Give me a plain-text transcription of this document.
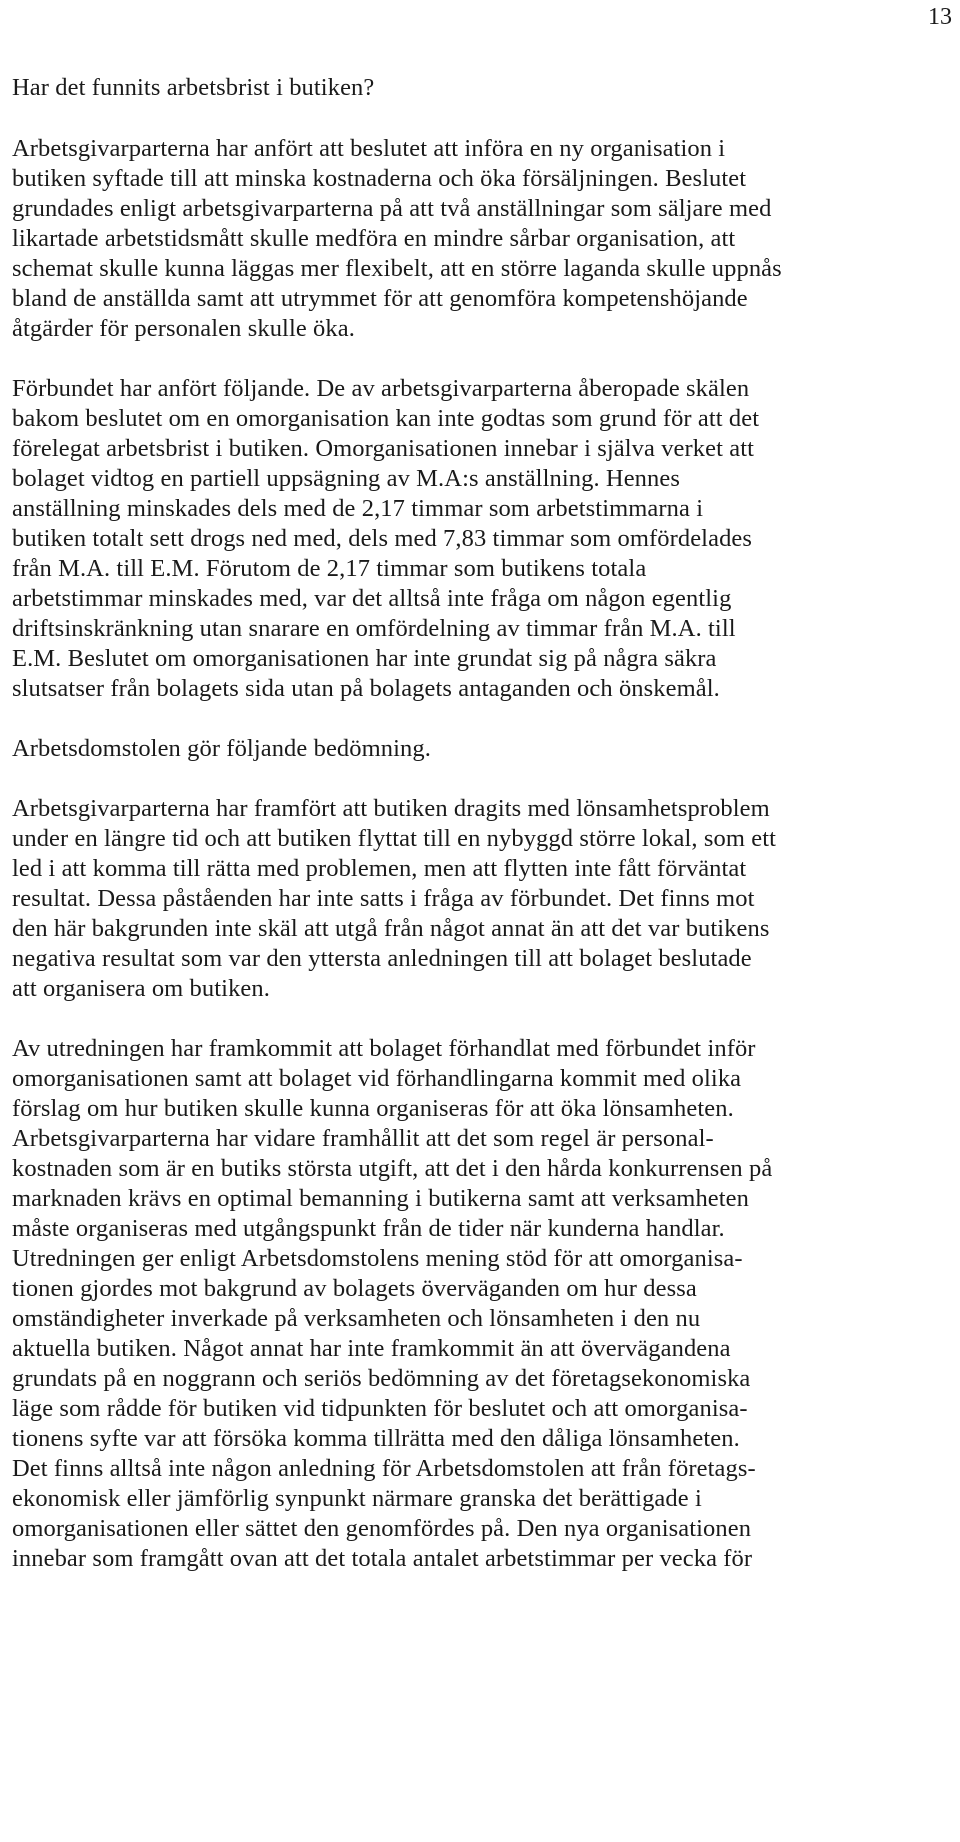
13
Har det funnits arbetsbrist i butiken?
Arbetsgivarparterna har anfört att beslutet att införa en ny organisation i
butiken syftade till att minska kostnaderna och öka försäljningen. Beslutet
grundades enligt arbetsgivarparterna på att två anställningar som säljare med
likartade arbetstidsmått skulle medföra en mindre sårbar organisation, att
schemat skulle kunna läggas mer flexibelt, att en större laganda skulle uppnås
bland de anställda samt att utrymmet för att genomföra kompetenshöjande
åtgärder för personalen skulle öka.
Förbundet har anfört följande. De av arbetsgivarparterna åberopade skälen
bakom beslutet om en omorganisation kan inte godtas som grund för att det
förelegat arbetsbrist i butiken. Omorganisationen innebar i själva verket att
bolaget vidtog en partiell uppsägning av M.A:s anställning. Hennes
anställning minskades dels med de 2,17 timmar som arbetstimmarna i
butiken totalt sett drogs ned med, dels med 7,83 timmar som omfördelades
från M.A. till E.M. Förutom de 2,17 timmar som butikens totala
arbetstimmar minskades med, var det alltså inte fråga om någon egentlig
driftsinskränkning utan snarare en omfördelning av timmar från M.A. till
E.M. Beslutet om omorganisationen har inte grundat sig på några säkra
slutsatser från bolagets sida utan på bolagets antaganden och önskemål.
Arbetsdomstolen gör följande bedömning.
Arbetsgivarparterna har framfört att butiken dragits med lönsamhetsproblem
under en längre tid och att butiken flyttat till en nybyggd större lokal, som ett
led i att komma till rätta med problemen, men att flytten inte fått förväntat
resultat. Dessa påståenden har inte satts i fråga av förbundet. Det finns mot
den här bakgrunden inte skäl att utgå från något annat än att det var butikens
negativa resultat som var den yttersta anledningen till att bolaget beslutade
att organisera om butiken.
Av utredningen har framkommit att bolaget förhandlat med förbundet inför
omorganisationen samt att bolaget vid förhandlingarna kommit med olika
förslag om hur butiken skulle kunna organiseras för att öka lönsamheten.
Arbetsgivarparterna har vidare framhållit att det som regel är personal-
kostnaden som är en butiks största utgift, att det i den hårda konkurrensen på
marknaden krävs en optimal bemanning i butikerna samt att verksamheten
måste organiseras med utgångspunkt från de tider när kunderna handlar.
Utredningen ger enligt Arbetsdomstolens mening stöd för att omorganisa-
tionen gjordes mot bakgrund av bolagets överväganden om hur dessa
omständigheter inverkade på verksamheten och lönsamheten i den nu
aktuella butiken. Något annat har inte framkommit än att övervägandena
grundats på en noggrann och seriös bedömning av det företagsekonomiska
läge som rådde för butiken vid tidpunkten för beslutet och att omorganisa-
tionens syfte var att försöka komma tillrätta med den dåliga lönsamheten.
Det finns alltså inte någon anledning för Arbetsdomstolen att från företags-
ekonomisk eller jämförlig synpunkt närmare granska det berättigade i
omorganisationen eller sättet den genomfördes på. Den nya organisationen
innebar som framgått ovan att det totala antalet arbetstimmar per vecka för
